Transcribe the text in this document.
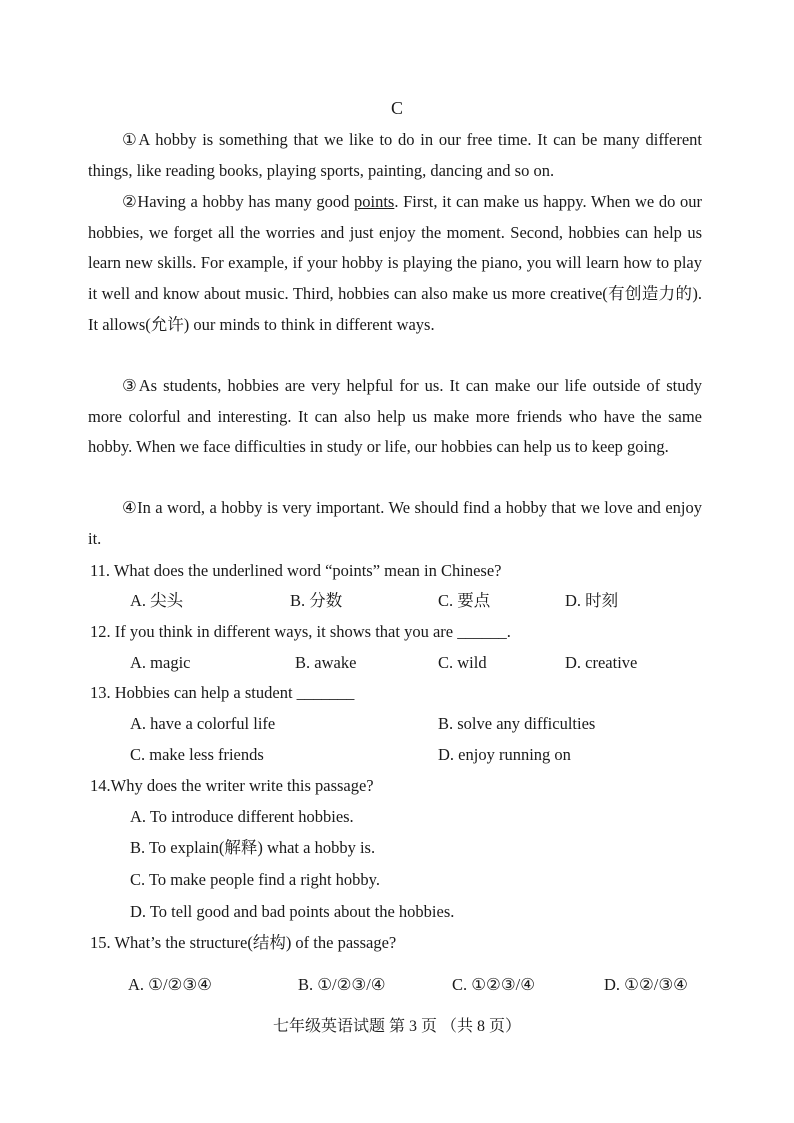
C
①A hobby is something that we like to do in our free time. It can be many different things, like reading books, playing sports, painting, dancing and so on.
②Having a hobby has many good points. First, it can make us happy. When we do our hobbies, we forget all the worries and just enjoy the moment. Second, hobbies can help us learn new skills. For example, if your hobby is playing the piano, you will learn how to play it well and know about music. Third, hobbies can also make us more creative(有创造力的). It allows(允许) our minds to think in different ways.
③As students, hobbies are very helpful for us. It can make our life outside of study more colorful and interesting. It can also help us make more friends who have the same hobby. When we face difficulties in study or life, our hobbies can help us to keep going.
④In a word, a hobby is very important. We should find a hobby that we love and enjoy it.
11. What does the underlined word “points” mean in Chinese?
A. 尖头	B. 分数	C. 要点	D. 时刻
12. If you think in different ways, it shows that you are ______.
A. magic	B. awake	C. wild	D. creative
13. Hobbies can help a student _______
A. have a colorful life	B. solve any difficulties
C. make less friends	D. enjoy running on
14.Why does the writer write this passage?
A. To introduce different hobbies.
B. To explain(解释) what a hobby is.
C. To make people find a right hobby.
D. To tell good and bad points about the hobbies.
15. What’s the structure(结构) of the passage?
A. ①/②③④	B. ①/②③/④	C. ①②③/④	D. ①②/③④
七年级英语试题 第 3 页 （共 8 页）
